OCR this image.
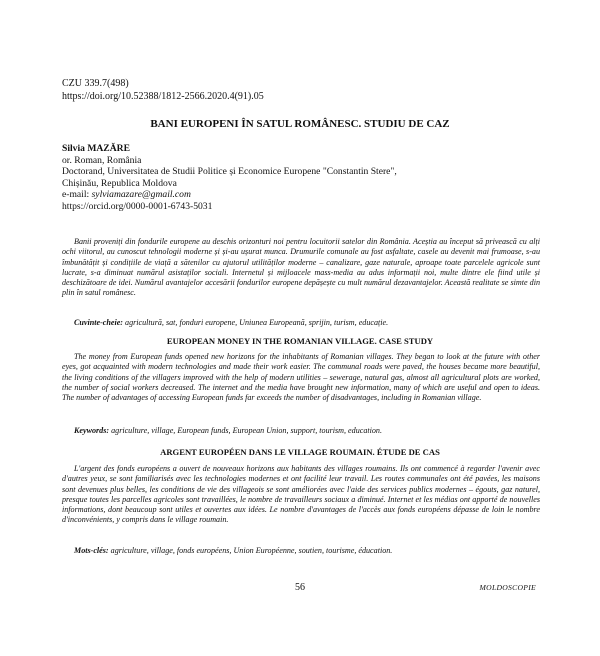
CZU 339.7(498)
https://doi.org/10.52388/1812-2566.2020.4(91).05
BANI EUROPENI ÎN SATUL ROMÂNESC. STUDIU DE CAZ
Silvia MAZĂRE
or. Roman, România
Doctorand, Universitatea de Studii Politice și Economice Europene "Constantin Stere",
Chișinău, Republica Moldova
e-mail: sylviamazare@gmail.com
https://orcid.org/0000-0001-6743-5031
Banii proveniți din fondurile europene au deschis orizonturi noi pentru locuitorii satelor din România. Aceștia au început să privească cu alți ochi viitorul, au cunoscut tehnologii moderne și și-au ușurat munca. Drumurile comunale au fost asfaltate, casele au devenit mai frumoase, s-au îmbunătățit și condițiile de viață a sătenilor cu ajutorul utilităților moderne – canalizare, gaze naturale, aproape toate parcelele agricole sunt lucrate, s-a diminuat numărul asistaților sociali. Internetul și mijloacele mass-media au adus informații noi, multe dintre ele fiind utile și deschizătoare de idei. Numărul avantajelor accesării fondurilor europene depășește cu mult numărul dezavantajelor. Această realitate se simte din plin în satul românesc.
Cuvinte-cheie: agricultură, sat, fonduri europene, Uniunea Europeană, sprijin, turism, educație.
EUROPEAN MONEY IN THE ROMANIAN VILLAGE. CASE STUDY
The money from European funds opened new horizons for the inhabitants of Romanian villages. They began to look at the future with other eyes, got acquainted with modern technologies and made their work easier. The communal roads were paved, the houses became more beautiful, the living conditions of the villagers improved with the help of modern utilities – sewerage, natural gas, almost all agricultural plots are worked, the number of social workers decreased. The internet and the media have brought new information, many of which are useful and open to ideas. The number of advantages of accessing European funds far exceeds the number of disadvantages, including in Romanian village.
Keywords: agriculture, village, European funds, European Union, support, tourism, education.
ARGENT EUROPÉEN DANS LE VILLAGE ROUMAIN. ÉTUDE DE CAS
L'argent des fonds européens a ouvert de nouveaux horizons aux habitants des villages roumains. Ils ont commencé à regarder l'avenir avec d'autres yeux, se sont familiarisés avec les technologies modernes et ont facilité leur travail. Les routes communales ont été pavées, les maisons sont devenues plus belles, les conditions de vie des villageois se sont améliorées avec l'aide des services publics modernes – égouts, gaz naturel, presque toutes les parcelles agricoles sont travaillées, le nombre de travailleurs sociaux a diminué. Internet et les médias ont apporté de nouvelles informations, dont beaucoup sont utiles et ouvertes aux idées. Le nombre d'avantages de l'accès aux fonds européens dépasse de loin le nombre d'inconvénients, y compris dans le village roumain.
Mots-clés: agriculture, village, fonds européens, Union Européenne, soutien, tourisme, éducation.
56	MOLDOSCOPIE
